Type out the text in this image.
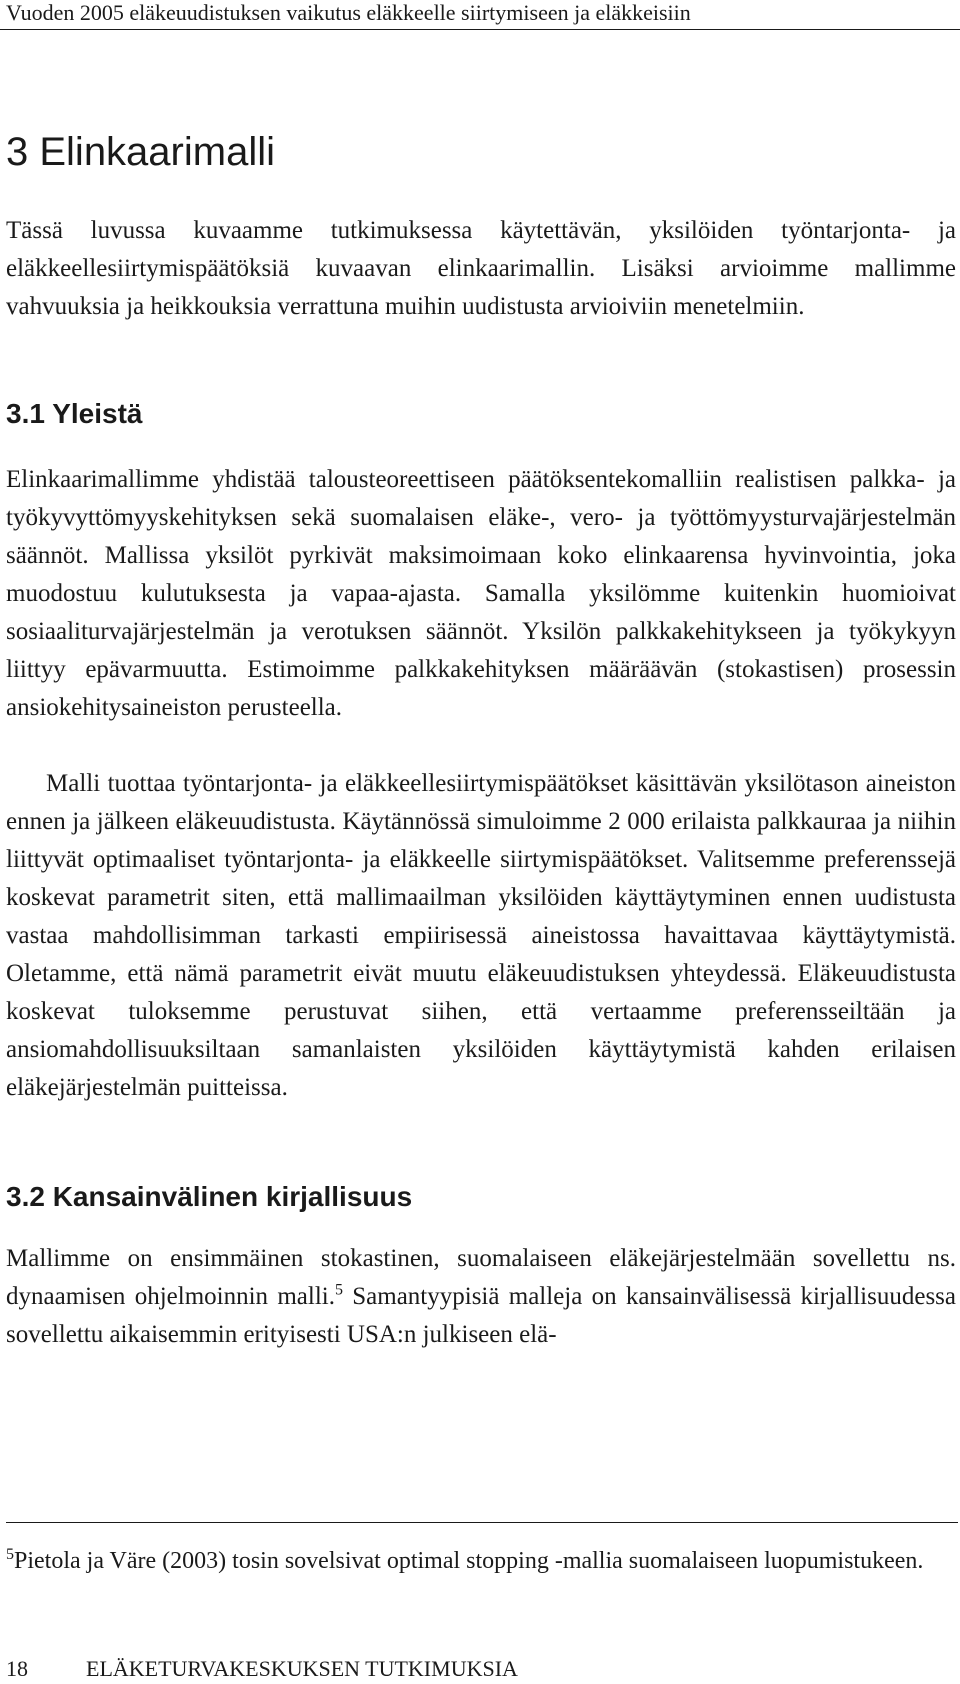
Vuoden 2005 eläkeuudistuksen vaikutus eläkkeelle siirtymiseen ja eläkkeisiin
3 Elinkaarimalli

Tässä luvussa kuvaamme tutkimuksessa käytettävän, yksilöiden työntarjonta- ja eläkkeellesiirtymispäätöksiä kuvaavan elinkaarimallin. Lisäksi arvioimme mallimme vahvuuksia ja heikkouksia verrattuna muihin uudistusta arvioiviin menetelmiin.

3.1 Yleistä

Elinkaarimallimme yhdistää talousteoreettiseen päätöksentekomalliin realistisen palkka- ja työkyvyttömyyskehityksen sekä suomalaisen eläke-, vero- ja työttömyysturvajärjestelmän säännöt. Mallissa yksilöt pyrkivät maksimoimaan koko elinkaarensa hyvinvointia, joka muodostuu kulutuksesta ja vapaa-ajasta. Samalla yksilömme kuitenkin huomioivat sosiaaliturvajärjestelmän ja verotuksen säännöt. Yksilön palkkakehitykseen ja työkykyyn liittyy epävarmuutta. Estimoimme palkkakehityksen määräävän (stokastisen) prosessin ansiokehitysaineiston perusteella.

Malli tuottaa työntarjonta- ja eläkkeellesiirtymispäätökset käsittävän yksilötason aineiston ennen ja jälkeen eläkeuudistusta. Käytännössä simuloimme 2 000 erilaista palkkauraa ja niihin liittyvät optimaaliset työntarjonta- ja eläkkeelle siirtymispäätökset. Valitsemme preferenssejä koskevat parametrit siten, että mallimaailman yksilöiden käyttäytyminen ennen uudistusta vastaa mahdollisimman tarkasti empiirisessä aineistossa havaittavaa käyttäytymistä. Oletamme, että nämä parametrit eivät muutu eläkeuudistuksen yhteydessä. Eläkeuudistusta koskevat tuloksemme perustuvat siihen, että vertaamme preferensseiltään ja ansiomahdollisuuksiltaan samanlaisten yksilöiden käyttäytymistä kahden erilaisen eläkejärjestelmän puitteissa.

3.2 Kansainvälinen kirjallisuus

Mallimme on ensimmäinen stokastinen, suomalaiseen eläkejärjestelmään sovellettu ns. dynaamisen ohjelmoinnin malli.$^5$ Samantyypisiä malleja on kansainvälisessä kirjallisuudessa sovellettu aikaisemmin erityisesti USA:n julkiseen elä-

$^5$Pietola ja Väre (2003) tosin sovelsivat optimal stopping -mallia suomalaiseen luopumistukeen.

18	ELÄKETURVAKESKUKSEN TUTKIMUKSIA
